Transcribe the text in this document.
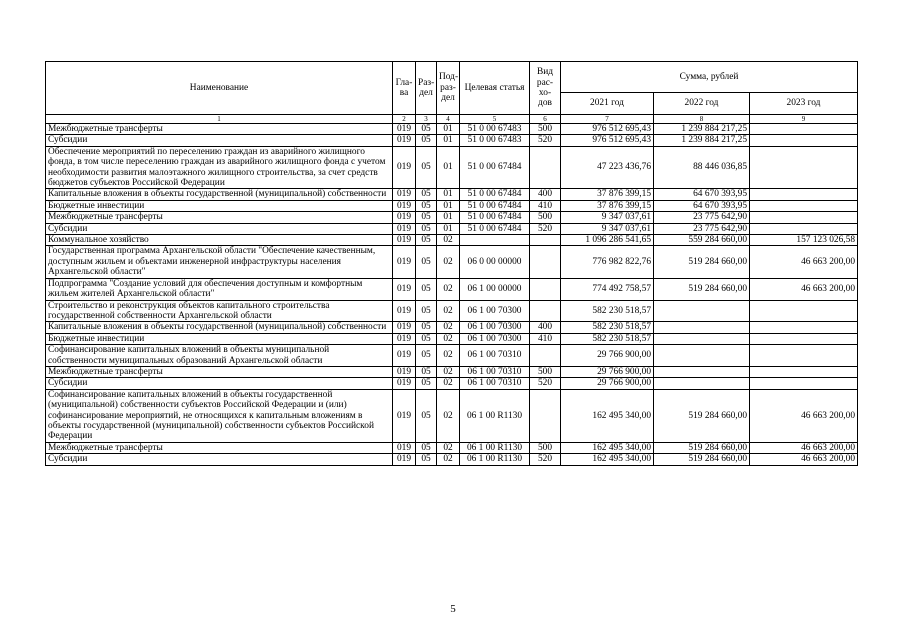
Наименование	Гла-ва	Раз-дел	Под-раз-дел	Целевая статья	Вид рас-хо-дов	Сумма, рублей		
						2021 год	2022 год	2023 год
1	2	3	4	5	6	7	8	9
Межбюджетные трансферты	019	05	01	51 0 00 67483	500	976 512 695,43	1 239 884 217,25	
Субсидии	019	05	01	51 0 00 67483	520	976 512 695,43	1 239 884 217,25	
Обеспечение мероприятий по переселению граждан из аварийного жилищного фонда, в том числе переселению граждан из аварийного жилищного фонда с учетом необходимости развития малоэтажного жилищного строительства, за счет средств бюджетов субъектов Российской Федерации	019	05	01	51 0 00 67484		47 223 436,76	88 446 036,85	
Капитальные вложения в объекты государственной (муниципальной) собственности	019	05	01	51 0 00 67484	400	37 876 399,15	64 670 393,95	
Бюджетные инвестиции	019	05	01	51 0 00 67484	410	37 876 399,15	64 670 393,95	
Межбюджетные трансферты	019	05	01	51 0 00 67484	500	9 347 037,61	23 775 642,90	
Субсидии	019	05	01	51 0 00 67484	520	9 347 037,61	23 775 642,90	
Коммунальное хозяйство	019	05	02			1 096 286 541,65	559 284 660,00	157 123 026,58
Государственная программа Архангельской области "Обеспечение качественным, доступным жильем и объектами инженерной инфраструктуры населения Архангельской области"	019	05	02	06 0 00 00000		776 982 822,76	519 284 660,00	46 663 200,00
Подпрограмма "Создание условий для обеспечения доступным и комфортным жильем жителей Архангельской области"	019	05	02	06 1 00 00000		774 492 758,57	519 284 660,00	46 663 200,00
Строительство и реконструкция объектов капитального строительства государственной собственности Архангельской области	019	05	02	06 1 00 70300		582 230 518,57		
Капитальные вложения в объекты государственной (муниципальной) собственности	019	05	02	06 1 00 70300	400	582 230 518,57		
Бюджетные инвестиции	019	05	02	06 1 00 70300	410	582 230 518,57		
Софинансирование капитальных вложений в объекты муниципальной собственности муниципальных образований Архангельской области	019	05	02	06 1 00 70310		29 766 900,00		
Межбюджетные трансферты	019	05	02	06 1 00 70310	500	29 766 900,00		
Субсидии	019	05	02	06 1 00 70310	520	29 766 900,00		
Софинансирование капитальных вложений в объекты государственной (муниципальной) собственности субъектов Российской Федерации и (или) софинансирование мероприятий, не относящихся к капитальным вложениям в объекты государственной (муниципальной) собственности субъектов Российской Федерации	019	05	02	06 1 00 R1130		162 495 340,00	519 284 660,00	46 663 200,00
Межбюджетные трансферты	019	05	02	06 1 00 R1130	500	162 495 340,00	519 284 660,00	46 663 200,00
Субсидии	019	05	02	06 1 00 R1130	520	162 495 340,00	519 284 660,00	46 663 200,00
5
